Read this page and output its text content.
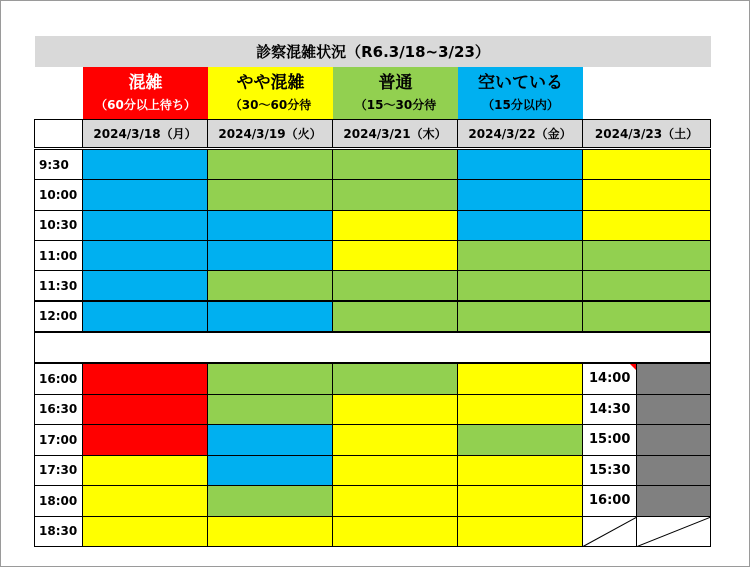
診察混雑状況（R6.3/18~3/23）
混雑
（60分以上待ち）
やや混雑
（30～60分待
普通
（15～30分待
空いている
（15分以内）
2024/3/18（月）	2024/3/19（火）	2024/3/21（木）	2024/3/22（金）	2024/3/23（土）
9:30
10:00
10:30
11:00
11:30
12:00
16:00	14:00
16:30	14:30
17:00	15:00
17:30	15:30
18:00	16:00
18:30
